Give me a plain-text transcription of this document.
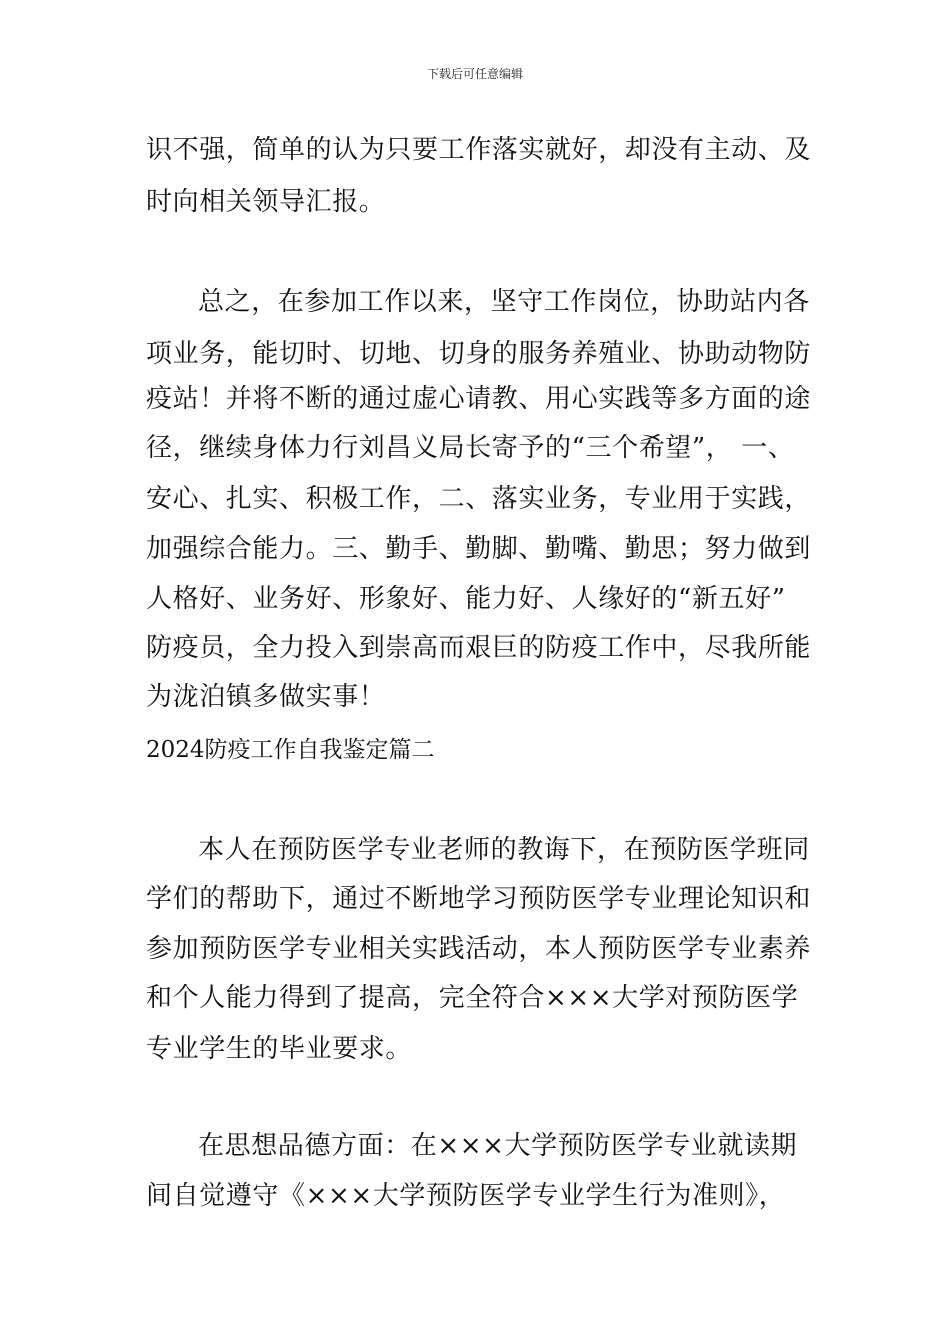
下载后可任意编辑
识不强，简单的认为只要工作落实就好，却没有主动、及
时向相关领导汇报。
总之，在参加工作以来，坚守工作岗位，协助站内各
项业务，能切时、切地、切身的服务养殖业、协助动物防
疫站！并将不断的通过虚心请教、用心实践等多方面的途
径，继续身体力行刘昌义局长寄予的“三个希望”， 一、
安心、扎实、积极工作，二、落实业务，专业用于实践，
加强综合能力。三、勤手、勤脚、勤嘴、勤思；努力做到
人格好、业务好、形象好、能力好、人缘好的“新五好”
防疫员，全力投入到崇高而艰巨的防疫工作中，尽我所能
为泷泊镇多做实事！
2024防疫工作自我鉴定篇二
本人在预防医学专业老师的教诲下，在预防医学班同
学们的帮助下，通过不断地学习预防医学专业理论知识和
参加预防医学专业相关实践活动，本人预防医学专业素养
和个人能力得到了提高，完全符合×××大学对预防医学
专业学生的毕业要求。
在思想品德方面：在×××大学预防医学专业就读期
间自觉遵守《×××大学预防医学专业学生行为准则》，
